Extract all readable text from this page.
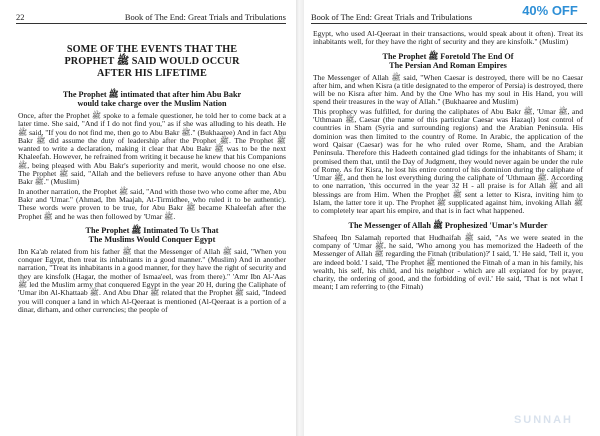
22	Book of The End: Great Trials and Tribulations
SOME OF THE EVENTS THAT THE
PROPHET ﷺ SAID WOULD OCCUR
AFTER HIS LIFETIME
The Prophet ﷺ intimated that after him Abu Bakr
would take charge over the Muslim Nation

Once, after the Prophet ﷺ spoke to a female questioner, he told her to come back at a later time. She said, "And if I do not find you," as if she was alluding to his death. He ﷺ said, "If you do not find me, then go to Abu Bakr ﷺ." (Bukhaaree) And in fact Abu Bakr ﷺ did assume the duty of leadership after the Prophet ﷺ. The Prophet ﷺ wanted to write a declaration, making it clear that Abu Bakr ﷺ was to be the next Khaleefah. However, he refrained from writing it because he knew that his Companions ﷺ, being pleased with Abu Bakr's superiority and merit, would choose no one else. The Prophet ﷺ said, "Allah and the believers refuse to have anyone other than Abu Bakr ﷺ." (Muslim)

In another narration, the Prophet ﷺ said, "And with those two who come after me, Abu Bakr and 'Umar." (Ahmad, Ibn Maajah, At-Tirmidhee, who ruled it to be authentic). These words were proven to be true, for Abu Bakr ﷺ became Khaleefah after the Prophet ﷺ and he was then followed by 'Umar ﷺ.

The Prophet ﷺ Intimated To Us That
The Muslims Would Conquer Egypt

Ibn Ka'ab related from his father ﷺ that the Messenger of Allah ﷺ said, "When you conquer Egypt, then treat its inhabitants in a good manner." (Muslim) And in another narration, "Treat its inhabitants in a good manner, for they have the right of security and they are kinsfolk (Hagar, the mother of Ismaa'eel, was from there)." 'Amr Ibn Al-'Aas ﷺ led the Muslim army that conquered Egypt in the year 20 H, during the Caliphate of 'Umar ibn Al-Khattaab ﷺ. And Abu Dhar ﷺ related that the Prophet ﷺ said, "Indeed you will conquer a land in which Al-Qeeraat is mentioned (Al-Qeeraat is a portion of a dinar, dirham, and other currencies; the people of

Book of The End: Great Trials and Tribulations	40% OFF

Egypt, who used Al-Qeeraat in their transactions, would speak about it often). Treat its inhabitants well, for they have the right of security and they are kinsfolk." (Muslim)

The Prophet ﷺ Foretold The End Of
The Persian And Roman Empires

The Messenger of Allah ﷺ said, "When Caesar is destroyed, there will be no Caesar after him, and when Kisra (a title designated to the emperor of Persia) is destroyed, there will be no Kisra after him. And by the One Who has my soul in His Hand, you will spend their treasures in the way of Allah." (Bukhaaree and Muslim)

This prophecy was fulfilled, for during the caliphates of Abu Bakr ﷺ, 'Umar ﷺ, and 'Uthmaan ﷺ, Caesar (the name of this particular Caesar was Hazaql) lost control of countries in Sham (Syria and surrounding regions) and the Arabian Peninsula. His dominion was then limited to the country of Rome. In Arabic, the application of the word Qaisar (Caesar) was for he who ruled over Rome, Sham, and the Arabian Peninsula. Therefore this Hadeeth contained glad tidings for the inhabitants of Sham; it promised them that, until the Day of Judgment, they would never again be under the rule of Rome. As for Kisra, he lost his entire control of his dominion during the caliphate of 'Umar ﷺ, and then he lost everything during the caliphate of 'Uthmaan ﷺ. According to one narration, 'this occurred in the year 32 H - all praise is for Allah ﷺ and all blessings are from Him. When the Prophet ﷺ sent a letter to Kisra, inviting him to Islam, the latter tore it up. The Prophet ﷺ supplicated against him, invoking Allah ﷺ to completely tear apart his empire, and that is in fact what happened.

The Messenger of Allah ﷺ Prophesized 'Umar's Murder

Shafeeq Ibn Salamah reported that Hudhaifah ﷺ said, "As we were seated in the company of 'Umar ﷺ, he said, 'Who among you has memorized the Hadeeth of the Messenger of Allah ﷺ regarding the Fitnah (tribulation)?' I said, 'I.' He said, 'Tell it, you are indeed bold.' I said, 'The Prophet ﷺ mentioned the Fitnah of a man in his family, his wealth, his self, his child, and his neighbor - which are all expiated for by prayer, charity, the ordering of good, and the forbidding of evil.' He said, 'That is not what I meant; I am referring to (the Fitnah)

SUNNAH
